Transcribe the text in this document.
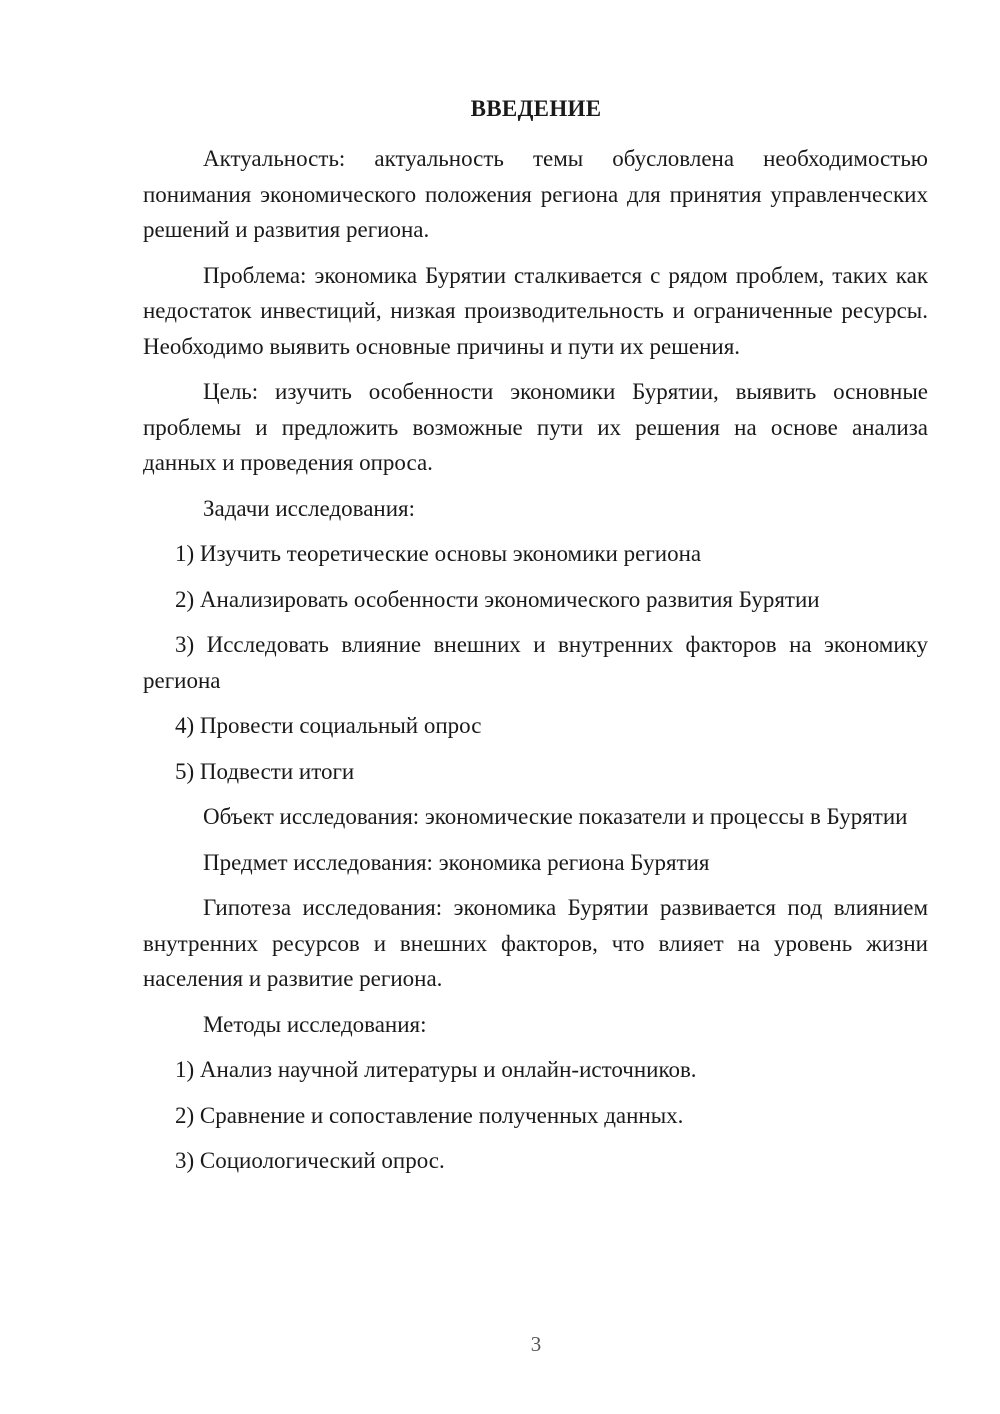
ВВЕДЕНИЕ

Актуальность: актуальность темы обусловлена необходимостью понимания экономического положения региона для принятия управленческих решений и развития региона.

Проблема: экономика Бурятии сталкивается с рядом проблем, таких как недостаток инвестиций, низкая производительность и ограниченные ресурсы. Необходимо выявить основные причины и пути их решения.

Цель: изучить особенности экономики Бурятии, выявить основные проблемы и предложить возможные пути их решения на основе анализа данных и проведения опроса.

Задачи исследования:

1) Изучить теоретические основы экономики региона

2) Анализировать особенности экономического развития Бурятии

3) Исследовать влияние внешних и внутренних факторов на экономику региона

4) Провести социальный опрос

5) Подвести итоги

Объект исследования: экономические показатели и процессы в Бурятии

Предмет исследования: экономика региона Бурятия

Гипотеза исследования: экономика Бурятии развивается под влиянием внутренних ресурсов и внешних факторов, что влияет на уровень жизни населения и развитие региона.

Методы исследования:

1) Анализ научной литературы и онлайн-источников.

2) Сравнение и сопоставление полученных данных.

3) Социологический опрос.

3
